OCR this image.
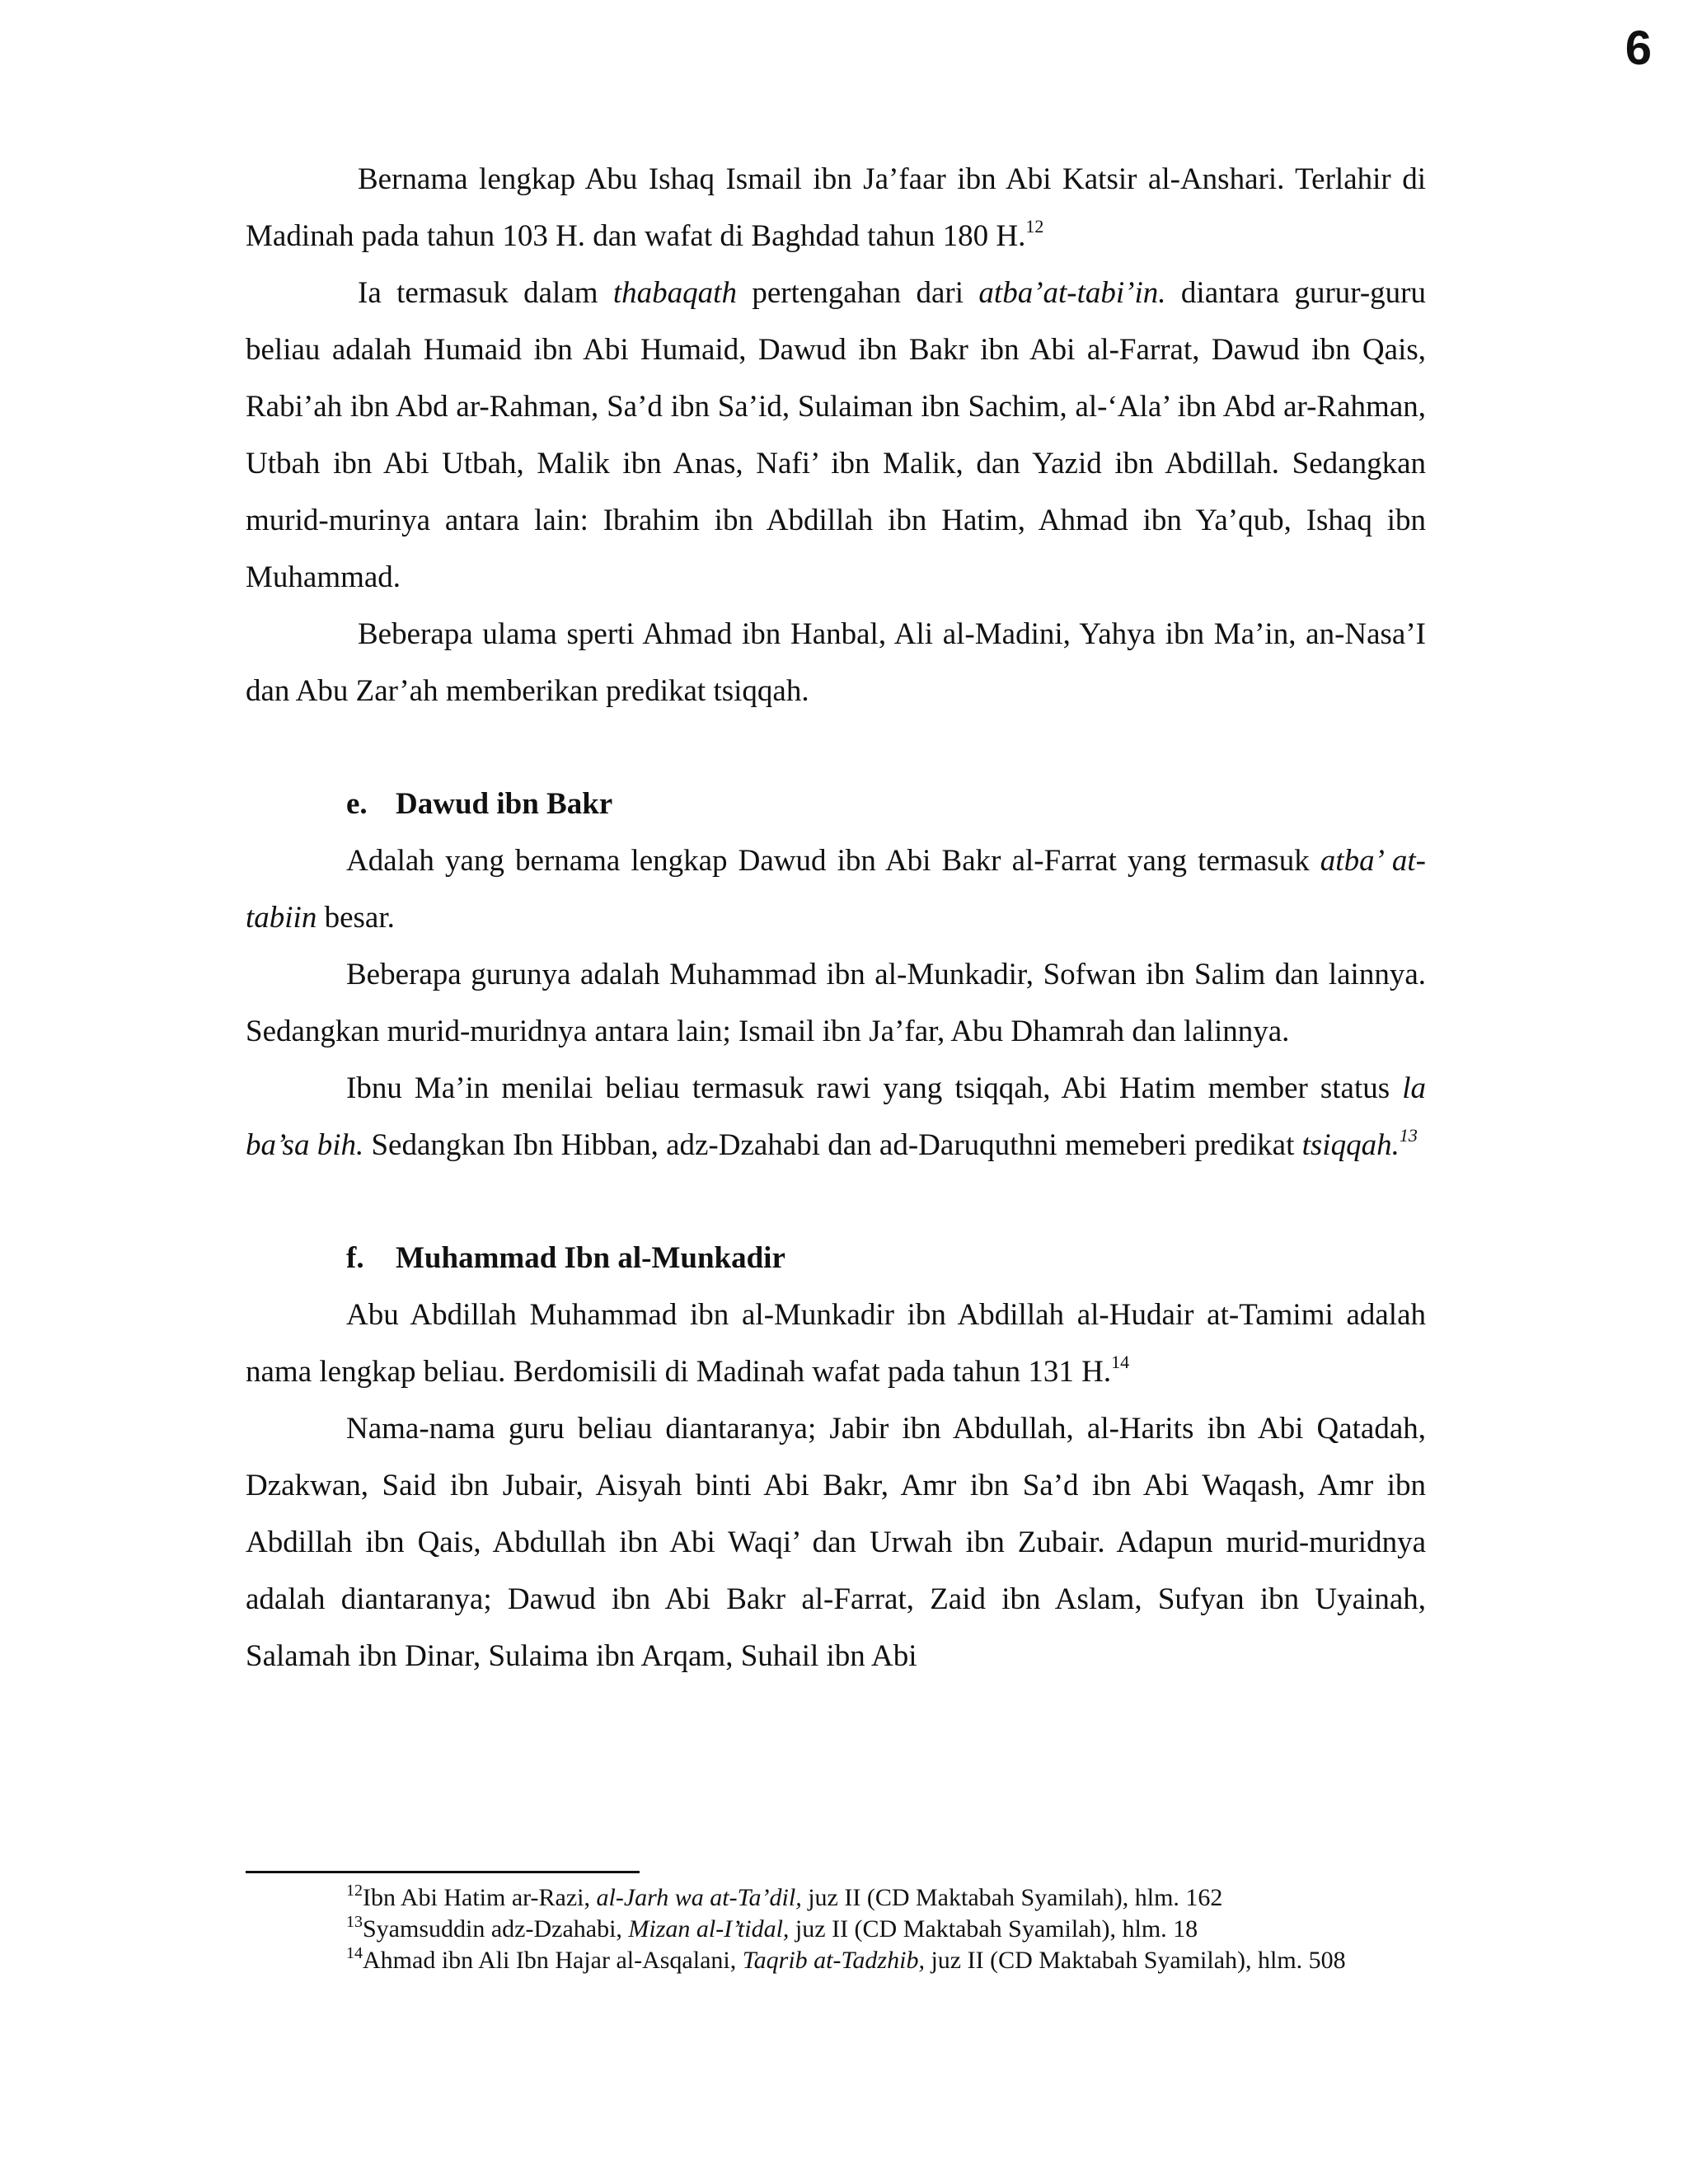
6

Bernama lengkap Abu Ishaq Ismail ibn Ja’faar ibn Abi Katsir al-Anshari. Terlahir di Madinah pada tahun 103 H. dan wafat di Baghdad tahun 180 H.$^{12}$

Ia termasuk dalam thabaqath pertengahan dari atba’at-tabi’in. diantara gurur-guru beliau adalah Humaid ibn Abi Humaid, Dawud ibn Bakr ibn Abi al-Farrat, Dawud ibn Qais, Rabi’ah ibn Abd ar-Rahman, Sa’d ibn Sa’id, Sulaiman ibn Sachim, al-‘Ala’ ibn Abd ar-Rahman, Utbah ibn Abi Utbah, Malik ibn Anas, Nafi’ ibn Malik, dan Yazid ibn Abdillah. Sedangkan murid-murinya antara lain: Ibrahim ibn Abdillah ibn Hatim, Ahmad ibn Ya’qub, Ishaq ibn Muhammad.

Beberapa ulama sperti Ahmad ibn Hanbal, Ali al-Madini, Yahya ibn Ma’in, an-Nasa’I dan Abu Zar’ah memberikan predikat tsiqqah.

e. Dawud ibn Bakr

Adalah yang bernama lengkap Dawud ibn Abi Bakr al-Farrat yang termasuk atba’ at-tabiin besar.

Beberapa gurunya adalah Muhammad ibn al-Munkadir, Sofwan ibn Salim dan lainnya. Sedangkan murid-muridnya antara lain; Ismail ibn Ja’far, Abu Dhamrah dan lalinnya.

Ibnu Ma’in menilai beliau termasuk rawi yang tsiqqah, Abi Hatim member status la ba’sa bih. Sedangkan Ibn Hibban, adz-Dzahabi dan ad-Daruquthni memeberi predikat tsiqqah.$^{13}$

f. Muhammad Ibn al-Munkadir

Abu Abdillah Muhammad ibn al-Munkadir ibn Abdillah al-Hudair at-Tamimi adalah nama lengkap beliau. Berdomisili di Madinah wafat pada tahun 131 H.$^{14}$

Nama-nama guru beliau diantaranya; Jabir ibn Abdullah, al-Harits ibn Abi Qatadah, Dzakwan, Said ibn Jubair, Aisyah binti Abi Bakr, Amr ibn Sa’d ibn Abi Waqash, Amr ibn Abdillah ibn Qais, Abdullah ibn Abi Waqi’ dan Urwah ibn Zubair. Adapun murid-muridnya adalah diantaranya; Dawud ibn Abi Bakr al-Farrat, Zaid ibn Aslam, Sufyan ibn Uyainah, Salamah ibn Dinar, Sulaima ibn Arqam, Suhail ibn Abi

$^{12}$Ibn Abi Hatim ar-Razi, al-Jarh wa at-Ta’dil, juz II (CD Maktabah Syamilah), hlm. 162

$^{13}$Syamsuddin adz-Dzahabi, Mizan al-I’tidal, juz II (CD Maktabah Syamilah), hlm. 18

$^{14}$Ahmad ibn Ali Ibn Hajar al-Asqalani, Taqrib at-Tadzhib, juz II (CD Maktabah Syamilah), hlm. 508
